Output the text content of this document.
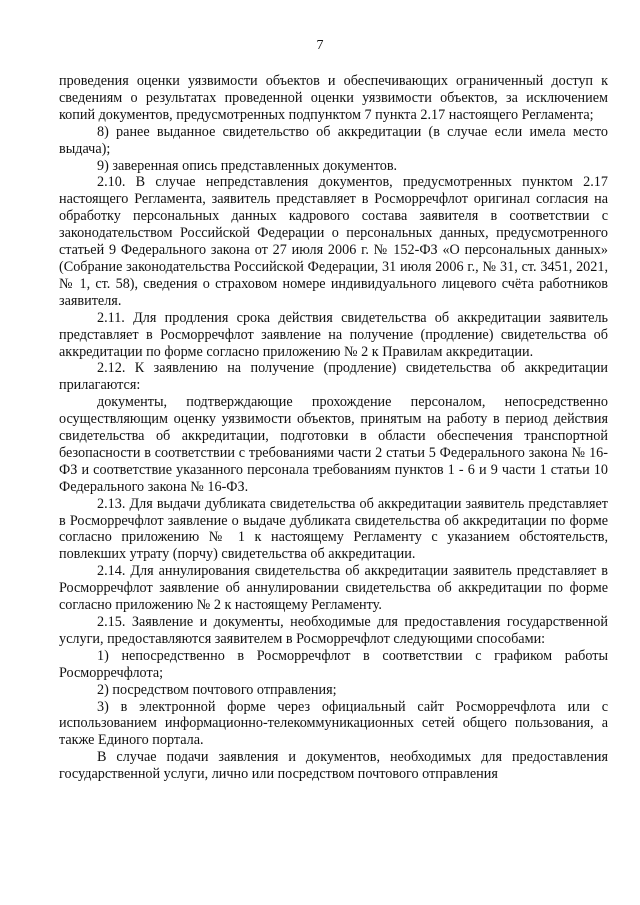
7

проведения оценки уязвимости объектов и обеспечивающих ограниченный доступ к сведениям о результатах проведенной оценки уязвимости объектов, за исключением копий документов, предусмотренных подпунктом 7 пункта 2.17 настоящего Регламента;

8) ранее выданное свидетельство об аккредитации (в случае если имела место выдача);

9) заверенная опись представленных документов.

2.10. В случае непредставления документов, предусмотренных пунктом 2.17 настоящего Регламента, заявитель представляет в Росморречфлот оригинал согласия на обработку персональных данных кадрового состава заявителя в соответствии с законодательством Российской Федерации о персональных данных, предусмотренного статьей 9 Федерального закона от 27 июля 2006 г. № 152-ФЗ «О персональных данных» (Собрание законодательства Российской Федерации, 31 июля 2006 г., № 31, ст. 3451, 2021, № 1, ст. 58), сведения о страховом номере индивидуального лицевого счёта работников заявителя.

2.11. Для продления срока действия свидетельства об аккредитации заявитель представляет в Росморречфлот заявление на получение (продление) свидетельства об аккредитации по форме согласно приложению № 2 к Правилам аккредитации.

2.12. К заявлению на получение (продление) свидетельства об аккредитации прилагаются:

документы, подтверждающие прохождение персоналом, непосредственно осуществляющим оценку уязвимости объектов, принятым на работу в период действия свидетельства об аккредитации, подготовки в области обеспечения транспортной безопасности в соответствии с требованиями части 2 статьи 5 Федерального закона № 16-ФЗ и соответствие указанного персонала требованиям пунктов 1 - 6 и 9 части 1 статьи 10 Федерального закона № 16-ФЗ.

2.13. Для выдачи дубликата свидетельства об аккредитации заявитель представляет в Росморречфлот заявление о выдаче дубликата свидетельства об аккредитации по форме согласно приложению № 1 к настоящему Регламенту с указанием обстоятельств, повлекших утрату (порчу) свидетельства об аккредитации.

2.14. Для аннулирования свидетельства об аккредитации заявитель представляет в Росморречфлот заявление об аннулировании свидетельства об аккредитации по форме согласно приложению № 2 к настоящему Регламенту.

2.15. Заявление и документы, необходимые для предоставления государственной услуги, предоставляются заявителем в Росморречфлот следующими способами:

1) непосредственно в Росморречфлот в соответствии с графиком работы Росморречфлота;

2) посредством почтового отправления;

3) в электронной форме через официальный сайт Росморречфлота или с использованием информационно-телекоммуникационных сетей общего пользования, а также Единого портала.

В случае подачи заявления и документов, необходимых для предоставления государственной услуги, лично или посредством почтового отправления
